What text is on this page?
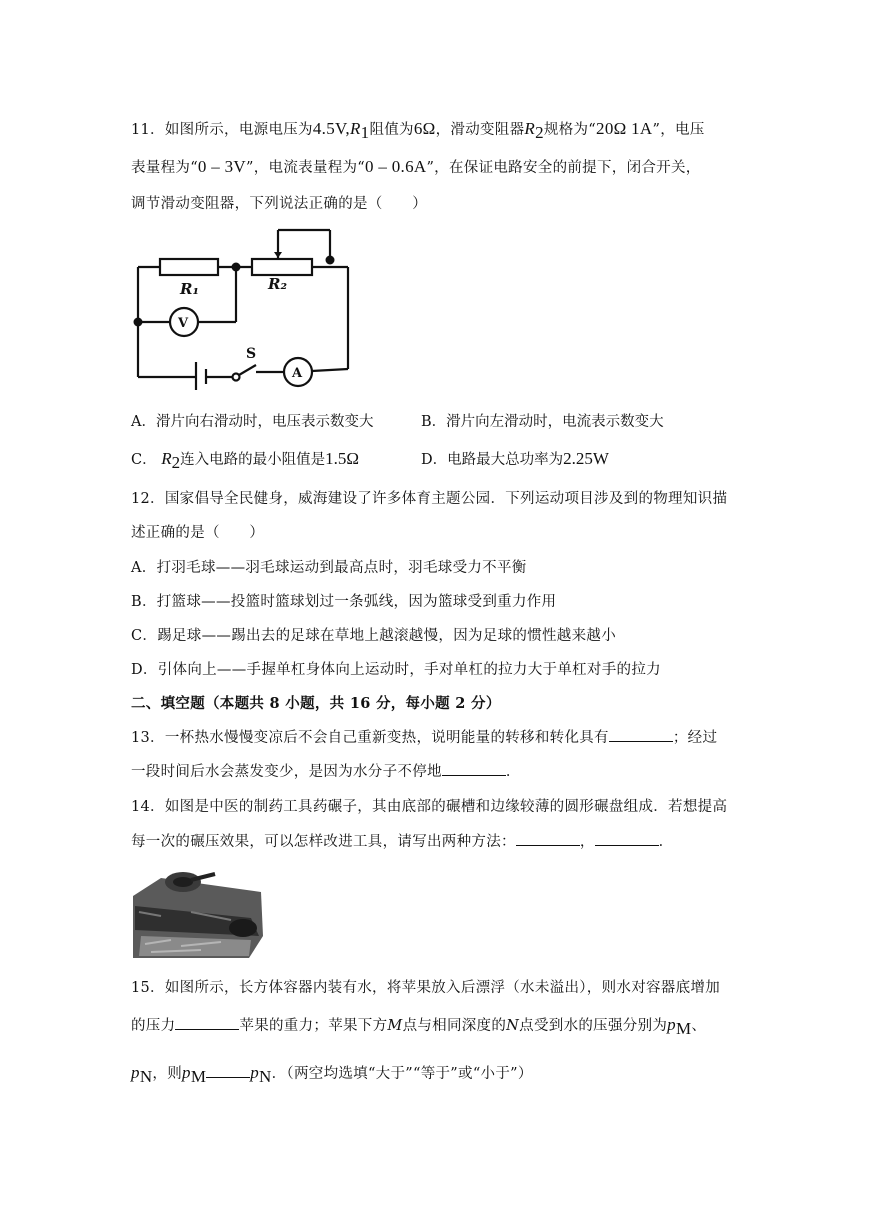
11．如图所示，电源电压为$4.5V,R_1$阻值为6Ω，滑动变阻器$R_2$规格为“20Ω 1A”，电压
表量程为“0 – 3V”，电流表量程为“0 – 0.6A”，在保证电路安全的前提下，闭合开关，
调节滑动变阻器，下列说法正确的是（　　）
R₁	R₂
V
A
S
A．滑片向右滑动时，电压表示数变大	B．滑片向左滑动时，电流表示数变大
C． $R_2$连入电路的最小阻值是1.5Ω	D．电路最大总功率为2.25W
12．国家倡导全民健身，威海建设了许多体育主题公园．下列运动项目涉及到的物理知识描
述正确的是（　　）
A．打羽毛球——羽毛球运动到最高点时，羽毛球受力不平衡
B．打篮球——投篮时篮球划过一条弧线，因为篮球受到重力作用
C．踢足球——踢出去的足球在草地上越滚越慢，因为足球的惯性越来越小
D．引体向上——手握单杠身体向上运动时，手对单杠的拉力大于单杠对手的拉力
二、填空题（本题共 8 小题，共 16 分，每小题 2 分）
13．一杯热水慢慢变凉后不会自己重新变热，说明能量的转移和转化具有	；经过
一段时间后水会蒸发变少，是因为水分子不停地	．
14．如图是中医的制药工具药碾子，其由底部的碾槽和边缘较薄的圆形碾盘组成．若想提高
每一次的碾压效果，可以怎样改进工具，请写出两种方法：	，	．
15．如图所示，长方体容器内装有水，将苹果放入后漂浮（水未溢出），则水对容器底增加
的压力	苹果的重力；苹果下方M点与相同深度的N点受到水的压强分别为$p_M$、
$p_N$，则$p_M$	$p_N$．（两空均选填“大于”“等于”或“小于”）
